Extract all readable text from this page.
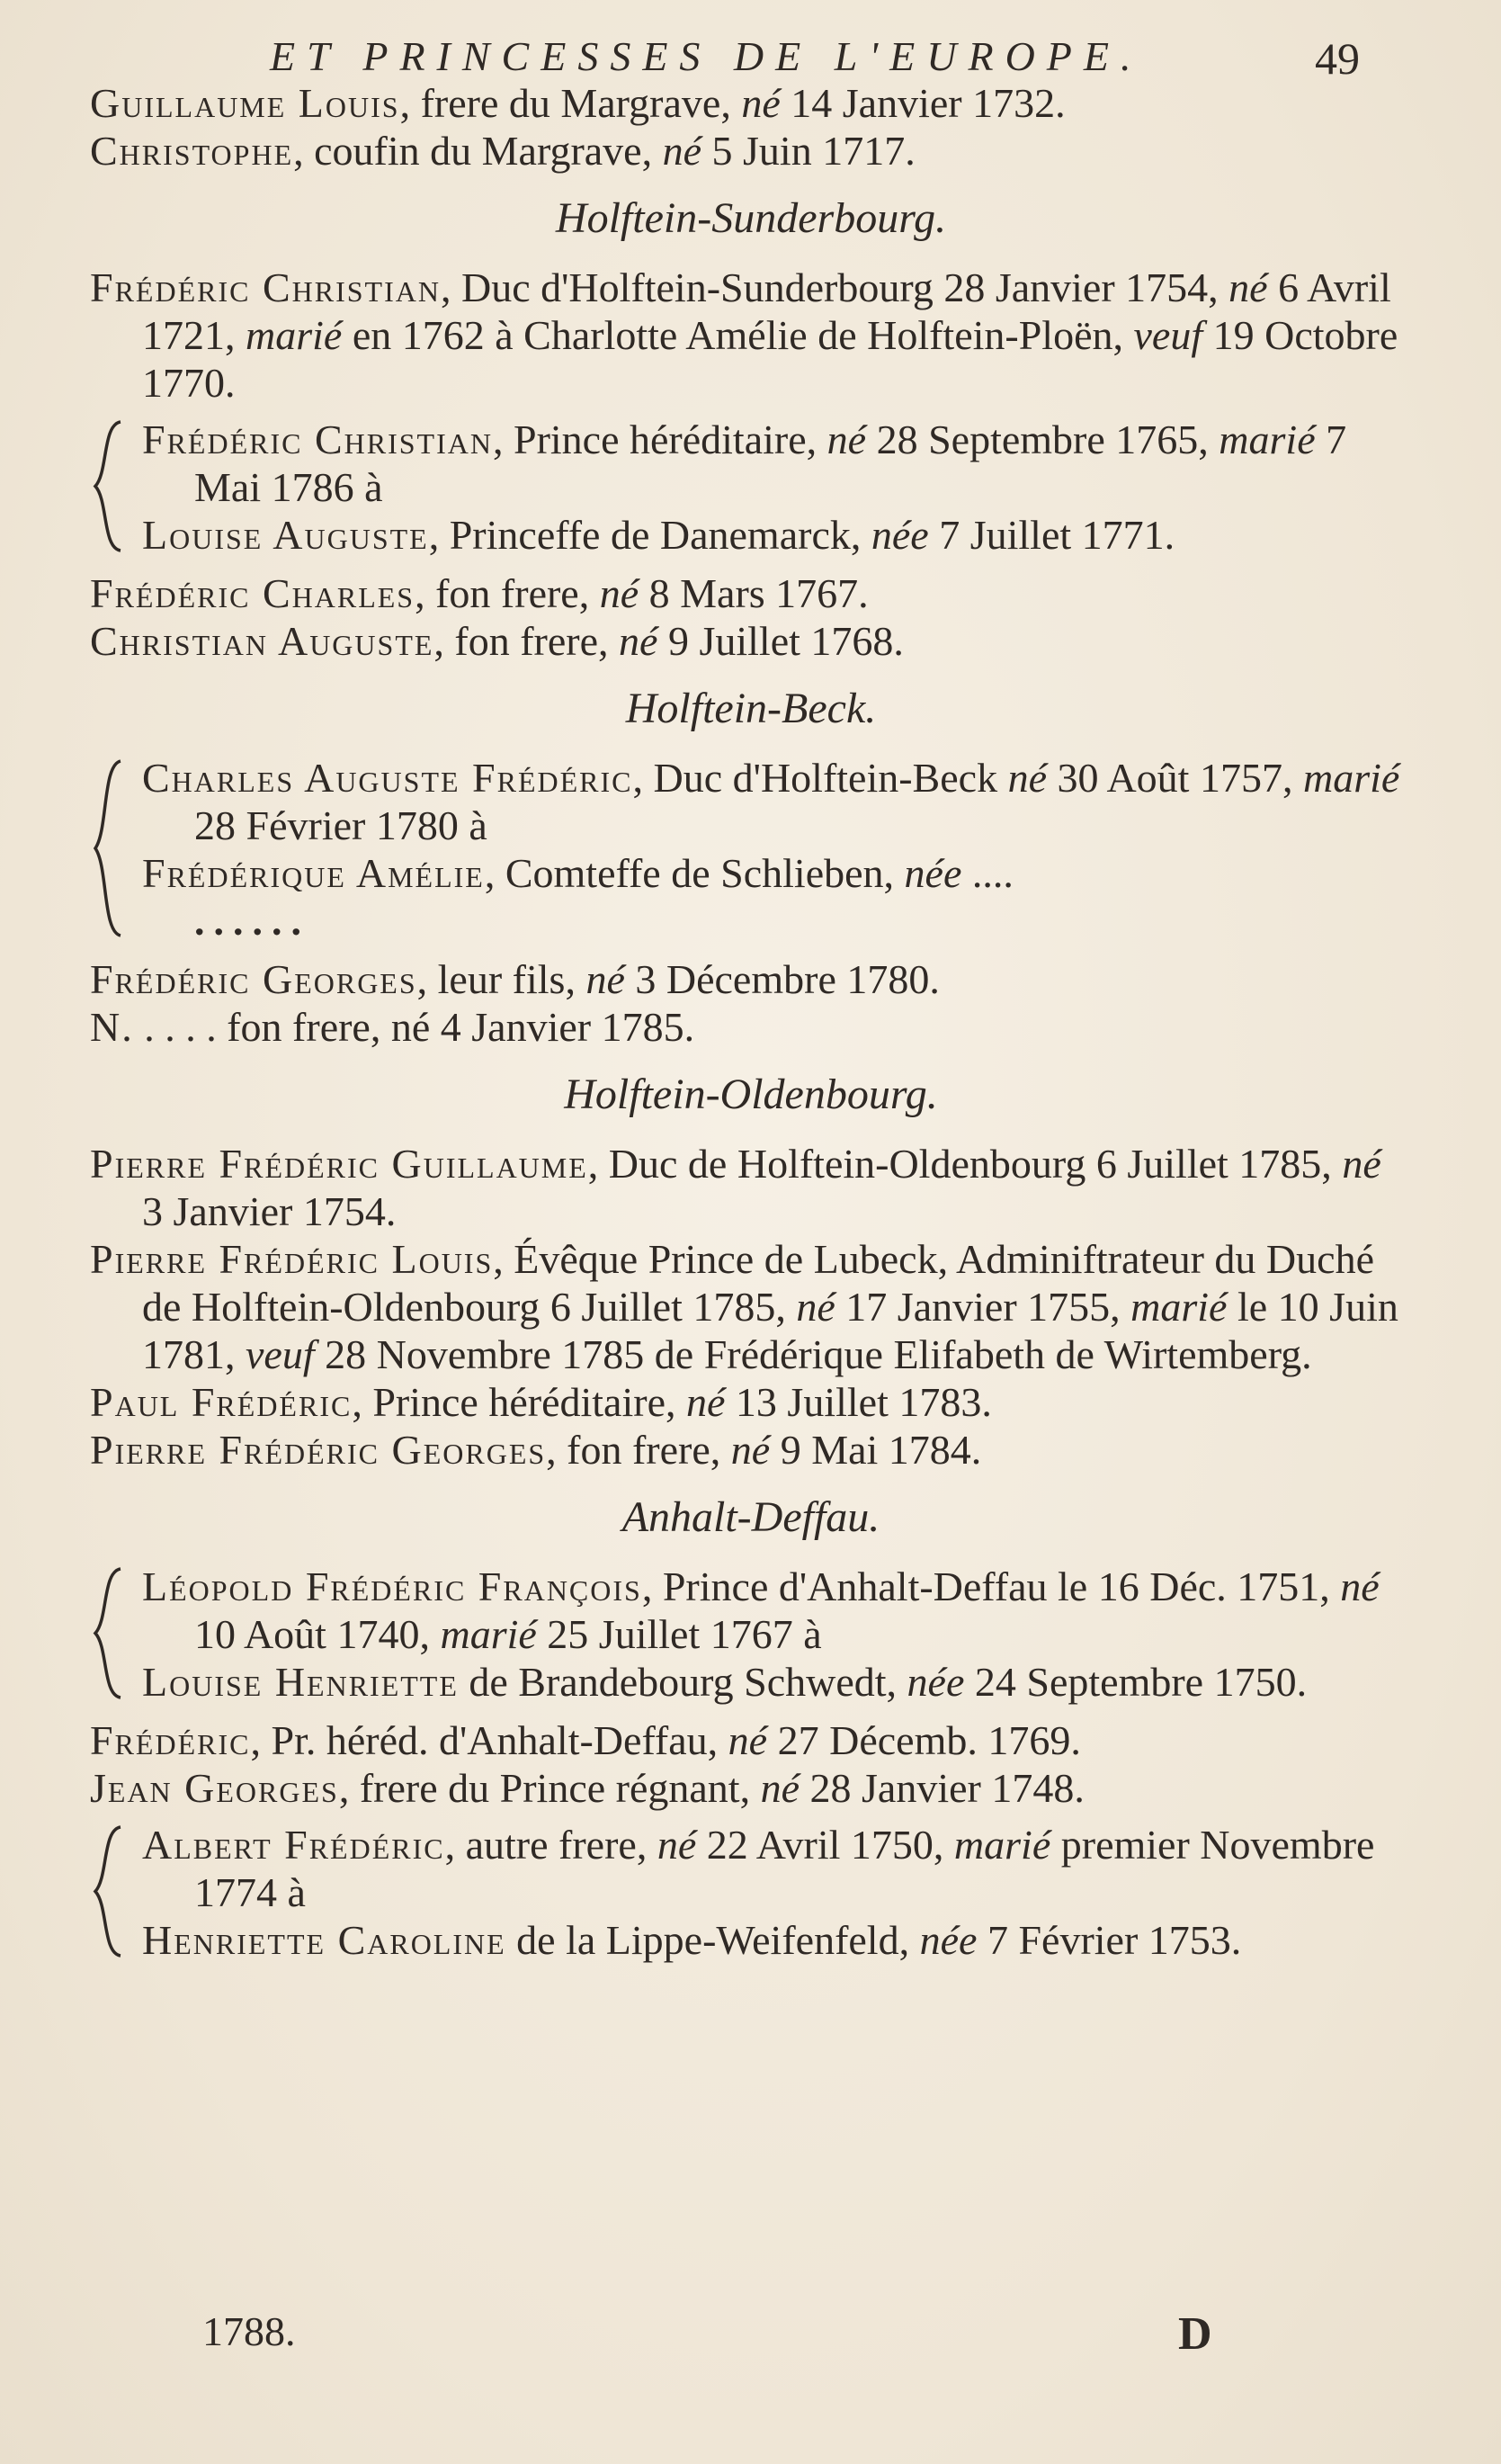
ET PRINCESSES DE L'EUROPE.	49

Guillaume Louis, frere du Margrave, né 14 Janvier 1732.

Christophe, coufin du Margrave, né 5 Juin 1717.

Holftein-Sunderbourg.

Frédéric Christian, Duc d'Holftein-Sunderbourg 28 Janvier 1754, né 6 Avril 1721, marié en 1762 à Charlotte Amélie de Holftein-Ploën, veuf 19 Octobre 1770.

Frédéric Christian, Prince héréditaire, né 28 Septembre 1765, marié 7 Mai 1786 à

Louise Auguste, Princeffe de Danemarck, née 7 Juillet 1771.

Frédéric Charles, fon frere, né 8 Mars 1767.

Christian Auguste, fon frere, né 9 Juillet 1768.

Holftein-Beck.

Charles Auguste Frédéric, Duc d'Holftein-Beck né 30 Août 1757, marié 28 Février 1780 à

Frédérique Amélie, Comteffe de Schlieben, née ....

......

Frédéric Georges, leur fils, né 3 Décembre 1780.

N. . . . . fon frere, né 4 Janvier 1785.

Holftein-Oldenbourg.

Pierre Frédéric Guillaume, Duc de Holftein-Oldenbourg 6 Juillet 1785, né 3 Janvier 1754.

Pierre Frédéric Louis, Évêque Prince de Lubeck, Adminiftrateur du Duché de Holftein-Oldenbourg 6 Juillet 1785, né 17 Janvier 1755, marié le 10 Juin 1781, veuf 28 Novembre 1785 de Frédérique Elifabeth de Wirtemberg.

Paul Frédéric, Prince héréditaire, né 13 Juillet 1783.

Pierre Frédéric Georges, fon frere, né 9 Mai 1784.

Anhalt-Deffau.

Léopold Frédéric François, Prince d'Anhalt-Deffau le 16 Déc. 1751, né 10 Août 1740, marié 25 Juillet 1767 à

Louise Henriette de Brandebourg Schwedt, née 24 Septembre 1750.

Frédéric, Pr. héréd. d'Anhalt-Deffau, né 27 Décemb. 1769.

Jean Georges, frere du Prince régnant, né 28 Janvier 1748.

Albert Frédéric, autre frere, né 22 Avril 1750, marié premier Novembre 1774 à

Henriette Caroline de la Lippe-Weifenfeld, née 7 Février 1753.

1788.	D
